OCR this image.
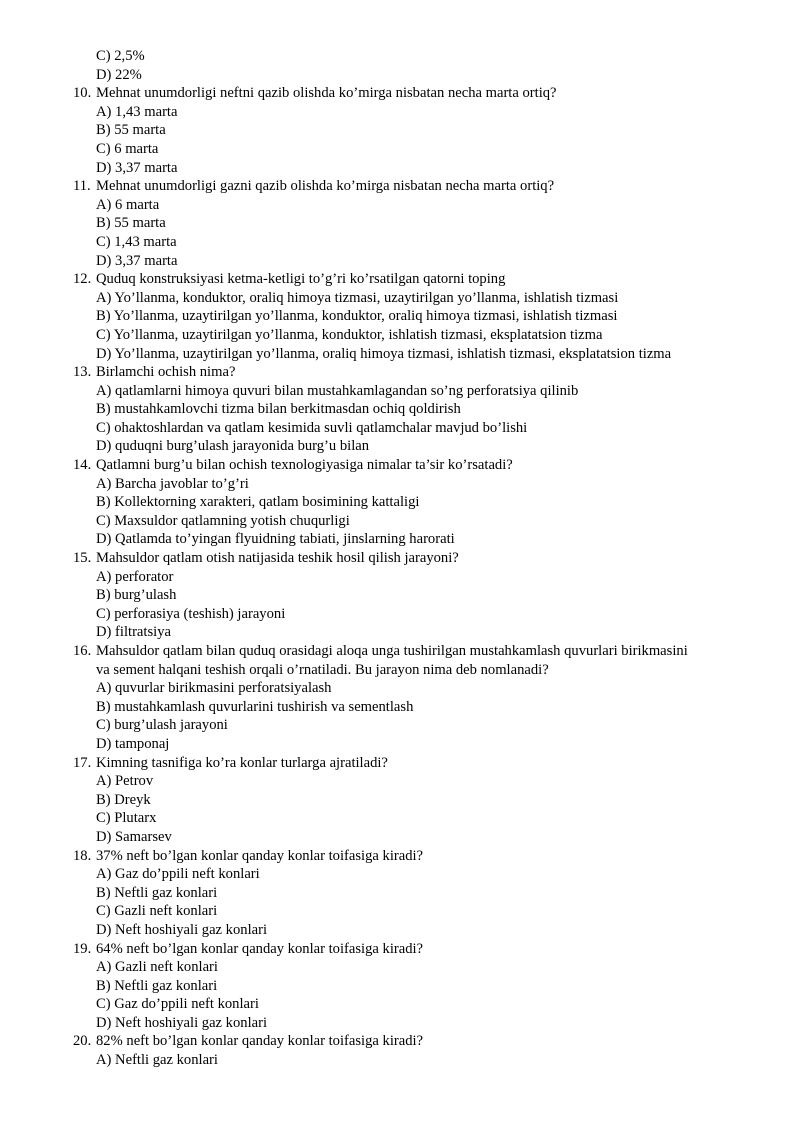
C) 2,5%
D) 22%
10. Mehnat unumdorligi neftni qazib olishda ko’mirga nisbatan necha marta ortiq?
A) 1,43 marta
B) 55 marta
C) 6 marta
D) 3,37 marta
11. Mehnat unumdorligi gazni qazib olishda ko’mirga nisbatan necha marta ortiq?
A) 6 marta
B) 55 marta
C) 1,43 marta
D) 3,37 marta
12. Quduq konstruksiyasi ketma-ketligi to’g’ri ko’rsatilgan qatorni toping
A) Yo’llanma, konduktor, oraliq himoya tizmasi, uzaytirilgan yo’llanma, ishlatish tizmasi
B) Yo’llanma, uzaytirilgan yo’llanma, konduktor, oraliq himoya tizmasi, ishlatish tizmasi
C) Yo’llanma, uzaytirilgan yo’llanma, konduktor, ishlatish tizmasi, eksplatatsion tizma
D) Yo’llanma, uzaytirilgan yo’llanma, oraliq himoya tizmasi, ishlatish tizmasi, eksplatatsion tizma
13. Birlamchi ochish nima?
A) qatlamlarni himoya quvuri bilan mustahkamlagandan so’ng perforatsiya qilinib
B) mustahkamlovchi tizma bilan berkitmasdan ochiq qoldirish
C) ohaktoshlardan va qatlam kesimida suvli qatlamchalar mavjud bo’lishi
D) quduqni burg’ulash jarayonida burg’u bilan
14. Qatlamni burg’u bilan ochish texnologiyasiga nimalar ta’sir ko’rsatadi?
A) Barcha javoblar to’g’ri
B) Kollektorning xarakteri, qatlam bosimining kattaligi
C) Maxsuldor qatlamning yotish chuqurligi
D) Qatlamda to’yingan flyuidning tabiati, jinslarning harorati
15. Mahsuldor qatlam otish natijasida teshik hosil qilish jarayoni?
A) perforator
B) burg’ulash
C) perforasiya (teshish) jarayoni
D) filtratsiya
16. Mahsuldor qatlam bilan quduq orasidagi aloqa unga tushirilgan mustahkamlash quvurlari birikmasini
va sement halqani teshish orqali o’rnatiladi. Bu jarayon nima deb nomlanadi?
A) quvurlar birikmasini perforatsiyalash
B) mustahkamlash quvurlarini tushirish va sementlash
C) burg’ulash jarayoni
D) tamponaj
17. Kimning tasnifiga ko’ra konlar turlarga ajratiladi?
A) Petrov
B) Dreyk
C) Plutarx
D) Samarsev
18. 37% neft bo’lgan konlar qanday konlar toifasiga kiradi?
A) Gaz do’ppili neft konlari
B) Neftli gaz konlari
C) Gazli neft konlari
D) Neft hoshiyali gaz konlari
19. 64% neft bo’lgan konlar qanday konlar toifasiga kiradi?
A) Gazli neft konlari
B) Neftli gaz konlari
C) Gaz do’ppili neft konlari
D) Neft hoshiyali gaz konlari
20. 82% neft bo’lgan konlar qanday konlar toifasiga kiradi?
A) Neftli gaz konlari
